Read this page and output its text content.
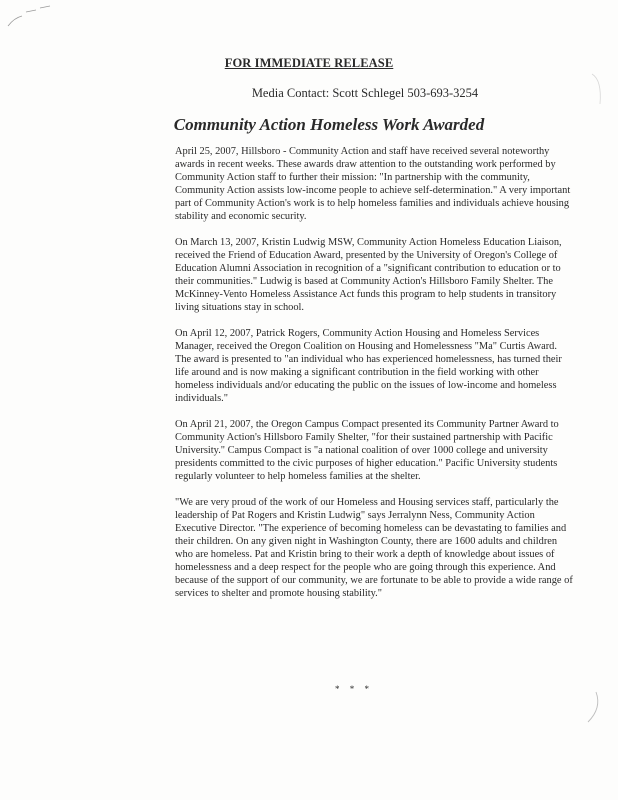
FOR IMMEDIATE RELEASE
Media Contact: Scott Schlegel 503-693-3254
Community Action Homeless Work Awarded

April 25, 2007, Hillsboro - Community Action and staff have received several noteworthy awards in recent weeks. These awards draw attention to the outstanding work performed by Community Action staff to further their mission: "In partnership with the community, Community Action assists low-income people to achieve self-determination." A very important part of Community Action's work is to help homeless families and individuals achieve housing stability and economic security.

On March 13, 2007, Kristin Ludwig MSW, Community Action Homeless Education Liaison, received the Friend of Education Award, presented by the University of Oregon's College of Education Alumni Association in recognition of a "significant contribution to education or to their communities." Ludwig is based at Community Action's Hillsboro Family Shelter. The McKinney-Vento Homeless Assistance Act funds this program to help students in transitory living situations stay in school.

On April 12, 2007, Patrick Rogers, Community Action Housing and Homeless Services Manager, received the Oregon Coalition on Housing and Homelessness "Ma" Curtis Award. The award is presented to "an individual who has experienced homelessness, has turned their life around and is now making a significant contribution in the field working with other homeless individuals and/or educating the public on the issues of low-income and homeless individuals."

On April 21, 2007, the Oregon Campus Compact presented its Community Partner Award to Community Action's Hillsboro Family Shelter, "for their sustained partnership with Pacific University." Campus Compact is "a national coalition of over 1000 college and university presidents committed to the civic purposes of higher education." Pacific University students regularly volunteer to help homeless families at the shelter.

"We are very proud of the work of our Homeless and Housing services staff, particularly the leadership of Pat Rogers and Kristin Ludwig" says Jerralynn Ness, Community Action Executive Director. "The experience of becoming homeless can be devastating to families and their children. On any given night in Washington County, there are 1600 adults and children who are homeless. Pat and Kristin bring to their work a depth of knowledge about issues of homelessness and a deep respect for the people who are going through this experience. And because of the support of our community, we are fortunate to be able to provide a wide range of services to shelter and promote housing stability."

* * *
